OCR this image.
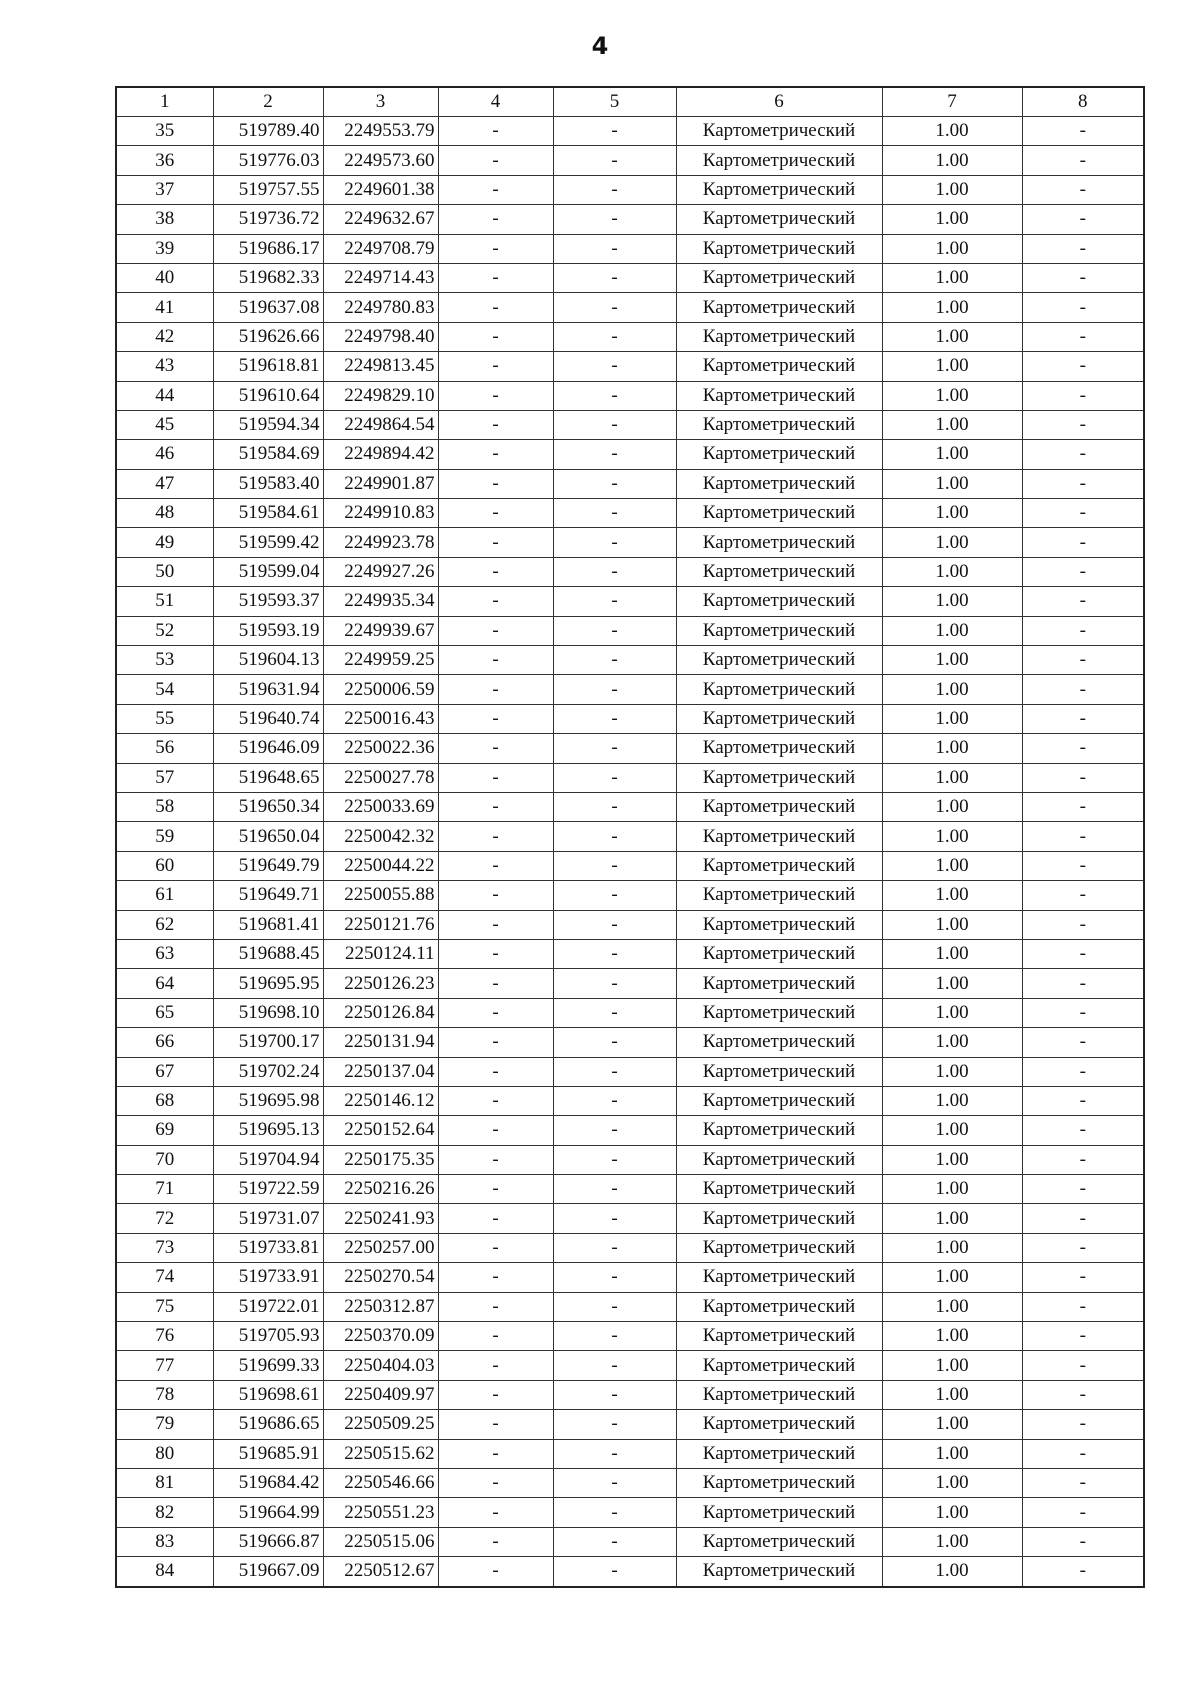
4
1	2	3	4	5	6	7	8
35	519789.40	2249553.79	-	-	Картометрический	1.00	-
36	519776.03	2249573.60	-	-	Картометрический	1.00	-
37	519757.55	2249601.38	-	-	Картометрический	1.00	-
38	519736.72	2249632.67	-	-	Картометрический	1.00	-
39	519686.17	2249708.79	-	-	Картометрический	1.00	-
40	519682.33	2249714.43	-	-	Картометрический	1.00	-
41	519637.08	2249780.83	-	-	Картометрический	1.00	-
42	519626.66	2249798.40	-	-	Картометрический	1.00	-
43	519618.81	2249813.45	-	-	Картометрический	1.00	-
44	519610.64	2249829.10	-	-	Картометрический	1.00	-
45	519594.34	2249864.54	-	-	Картометрический	1.00	-
46	519584.69	2249894.42	-	-	Картометрический	1.00	-
47	519583.40	2249901.87	-	-	Картометрический	1.00	-
48	519584.61	2249910.83	-	-	Картометрический	1.00	-
49	519599.42	2249923.78	-	-	Картометрический	1.00	-
50	519599.04	2249927.26	-	-	Картометрический	1.00	-
51	519593.37	2249935.34	-	-	Картометрический	1.00	-
52	519593.19	2249939.67	-	-	Картометрический	1.00	-
53	519604.13	2249959.25	-	-	Картометрический	1.00	-
54	519631.94	2250006.59	-	-	Картометрический	1.00	-
55	519640.74	2250016.43	-	-	Картометрический	1.00	-
56	519646.09	2250022.36	-	-	Картометрический	1.00	-
57	519648.65	2250027.78	-	-	Картометрический	1.00	-
58	519650.34	2250033.69	-	-	Картометрический	1.00	-
59	519650.04	2250042.32	-	-	Картометрический	1.00	-
60	519649.79	2250044.22	-	-	Картометрический	1.00	-
61	519649.71	2250055.88	-	-	Картометрический	1.00	-
62	519681.41	2250121.76	-	-	Картометрический	1.00	-
63	519688.45	2250124.11	-	-	Картометрический	1.00	-
64	519695.95	2250126.23	-	-	Картометрический	1.00	-
65	519698.10	2250126.84	-	-	Картометрический	1.00	-
66	519700.17	2250131.94	-	-	Картометрический	1.00	-
67	519702.24	2250137.04	-	-	Картометрический	1.00	-
68	519695.98	2250146.12	-	-	Картометрический	1.00	-
69	519695.13	2250152.64	-	-	Картометрический	1.00	-
70	519704.94	2250175.35	-	-	Картометрический	1.00	-
71	519722.59	2250216.26	-	-	Картометрический	1.00	-
72	519731.07	2250241.93	-	-	Картометрический	1.00	-
73	519733.81	2250257.00	-	-	Картометрический	1.00	-
74	519733.91	2250270.54	-	-	Картометрический	1.00	-
75	519722.01	2250312.87	-	-	Картометрический	1.00	-
76	519705.93	2250370.09	-	-	Картометрический	1.00	-
77	519699.33	2250404.03	-	-	Картометрический	1.00	-
78	519698.61	2250409.97	-	-	Картометрический	1.00	-
79	519686.65	2250509.25	-	-	Картометрический	1.00	-
80	519685.91	2250515.62	-	-	Картометрический	1.00	-
81	519684.42	2250546.66	-	-	Картометрический	1.00	-
82	519664.99	2250551.23	-	-	Картометрический	1.00	-
83	519666.87	2250515.06	-	-	Картометрический	1.00	-
84	519667.09	2250512.67	-	-	Картометрический	1.00	-
